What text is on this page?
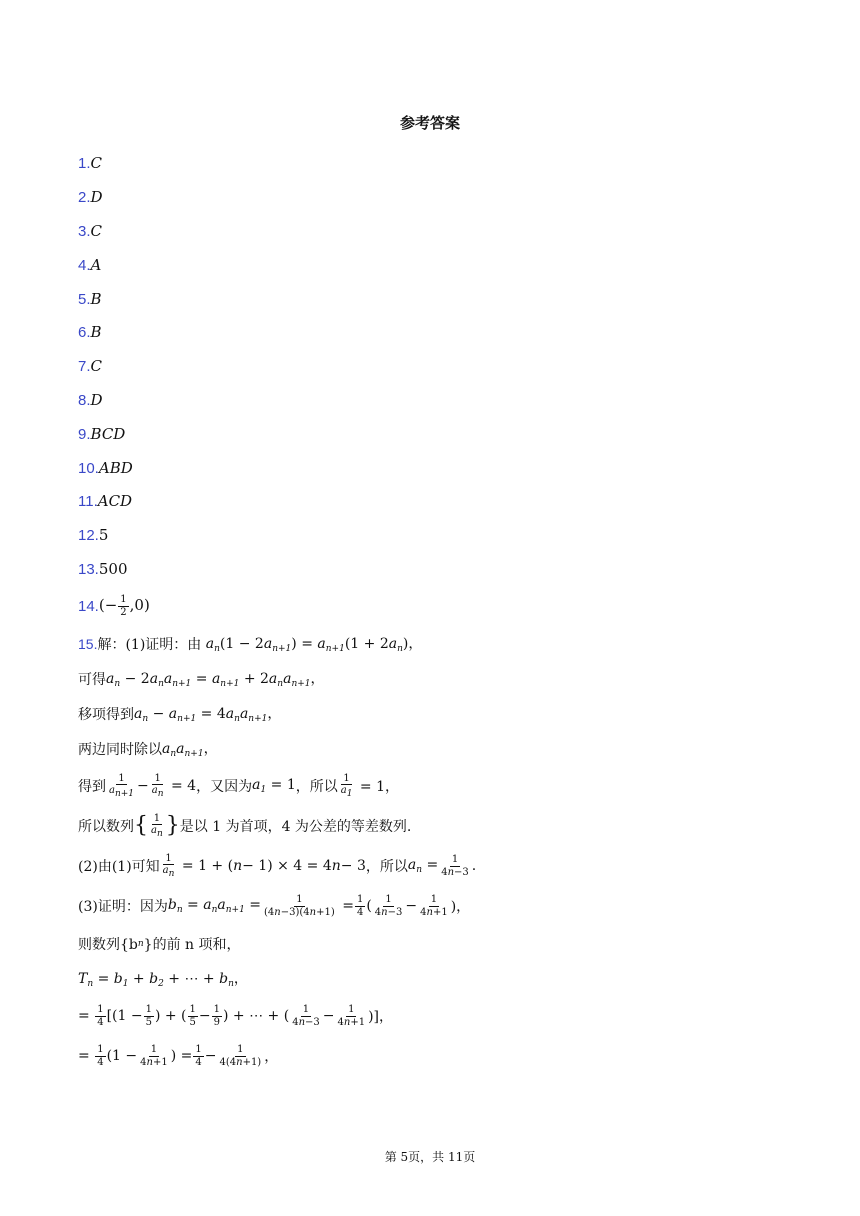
参考答案
1. C
2. D
3. C
4. A
5. B
6. B
7. C
8. D
9. BCD
10. ABD
11. ACD
12. 5
13. 500
14. (− $\frac{1}{2} ,0$)
15. 解：(1)证明：由 $a_n(1 - 2a_{n+1}) = a_{n+1}(1 + 2a_n)$，
可得 $a_n - 2a_na_{n+1} = a_{n+1} + 2a_na_{n+1}$，
移项得到 $a_n - a_{n+1} = 4a_na_{n+1}$，
两边同时除以 $a_na_{n+1}$，
得到 $\frac{1}{a_{n+1}} - \frac{1}{a_n} = 4$ ，又因为 $a_1 = 1$ ，所以 $\frac{1}{a_1} = 1$，
所以数列 { $\frac{1}{a_n}$ } 是以 1 为首项，4 为公差的等差数列.
(2)由(1)可知 $\frac{1}{a_n} = 1$ + ( n − 1) × 4 = 4 n − 3 ，所以 $a_n = \frac{1}{4n-3}$ .
(3)证明：因为 $b_n = a_na_{n+1} = \frac{1}{(4n-3)(4n+1)} = \frac{1}{4}$ ( $\frac{1}{4n-3} - \frac{1}{4n+1}$ )，
则数列{b n }的前 n 项和，
$T_n = b_1 + b_2$ + ⋯ + $b_n$，
= $\frac{1}{4} [(1 - \frac{1}{5}$ ) + ( $\frac{1}{5} - \frac{1}{9}$ ) + ⋯ + ( $\frac{1}{4n-3} - \frac{1}{4n+1}$ )]，
= $\frac{1}{4} (1 - \frac{1}{4n+1}$ ) = $\frac{1}{4} - \frac{1}{4(4n+1)}$ ，
第 5页，共 11页
